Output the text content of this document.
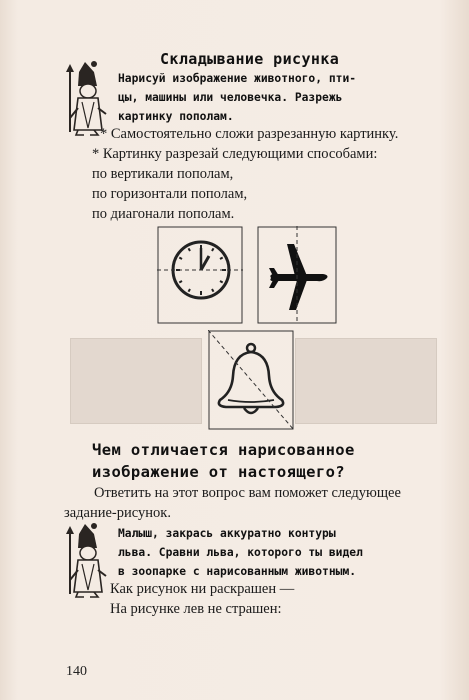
Складывание рисунка
Нарисуй изображение животного, пти-
цы, машины или человечка. Разрежь
картинку пополам.
* Самостоятельно сложи разрезанную картинку.
* Картинку разрезай следующими способами:
по вертикали пополам,
по горизонтали пополам,
по диагонали пополам.
Чем отличается нарисованное
изображение от настоящего?
Ответить на этот вопрос вам поможет следующее
задание-рисунок.
Малыш, закрась аккуратно контуры
льва. Сравни льва, которого ты видел
в зоопарке с нарисованным животным.
Как рисунок ни раскрашен —
На рисунке лев не страшен:
140
